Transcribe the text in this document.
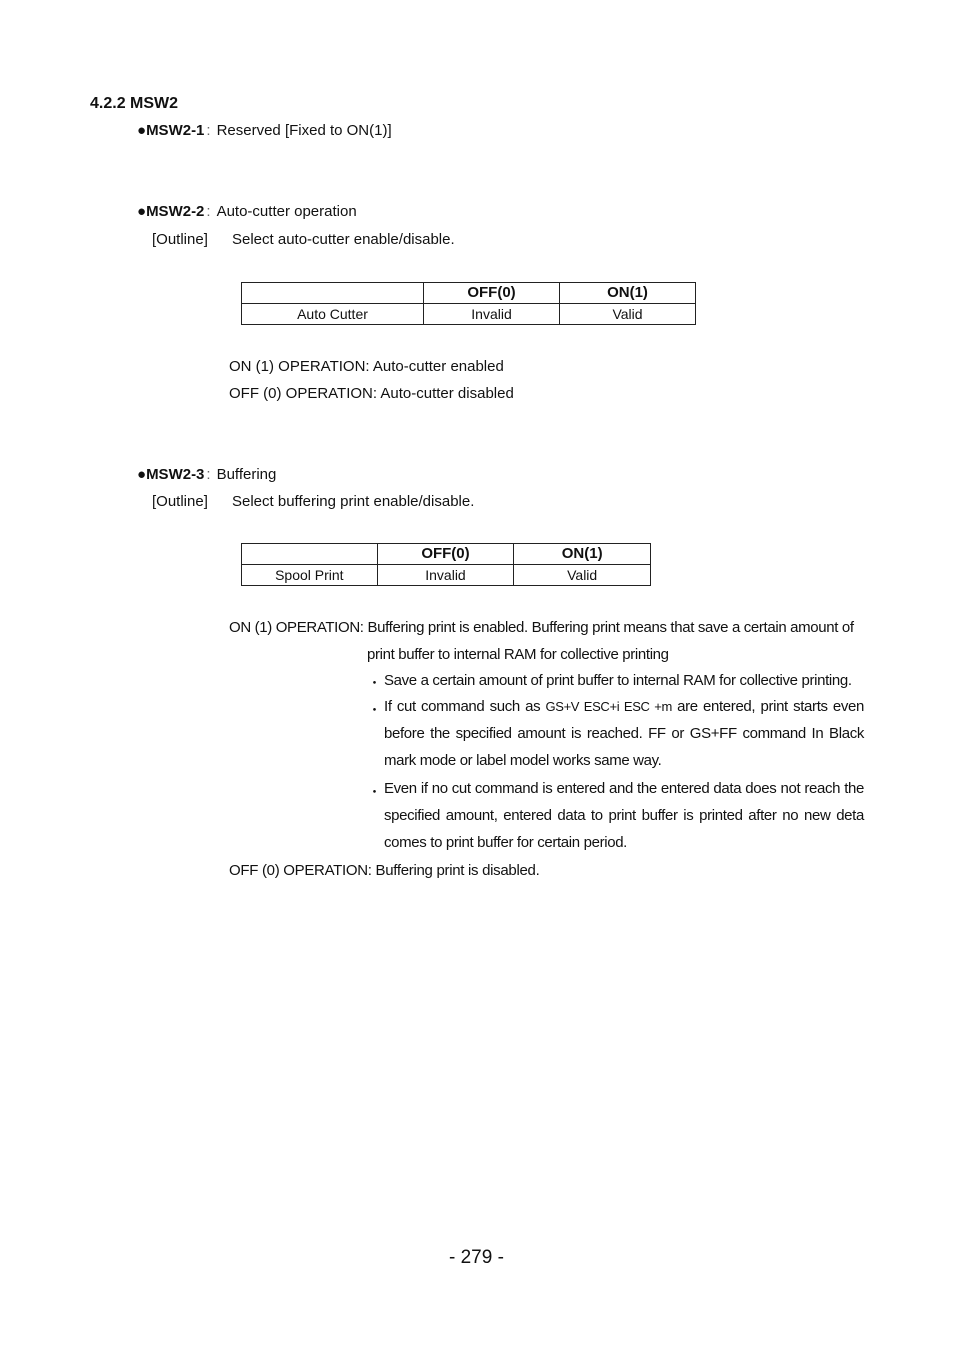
4.2.2 MSW2
●MSW2-1 : Reserved [Fixed to ON(1)]
●MSW2-2 : Auto-cutter operation
[Outline] Select auto-cutter enable/disable.
	OFF(0)	ON(1)
Auto Cutter	Invalid	Valid
ON (1) OPERATION: Auto-cutter enabled
OFF (0) OPERATION: Auto-cutter disabled
●MSW2-3 : Buffering
[Outline] Select buffering print enable/disable.
	OFF(0)	ON(1)
Spool Print	Invalid	Valid
ON (1) OPERATION: Buffering print is enabled. Buffering print means that save a certain amount of
print buffer to internal RAM for collective printing
・ Save a certain amount of print buffer to internal RAM for collective printing.
・ If cut command such as GS+V ESC+i ESC +m are entered, print starts even before the specified amount is reached. FF or GS+FF command In Black mark mode or label model works same way.
・ Even if no cut command is entered and the entered data does not reach the specified amount, entered data to print buffer is printed after no new deta comes to print buffer for certain period.
OFF (0) OPERATION: Buffering print is disabled.
- 279 -
